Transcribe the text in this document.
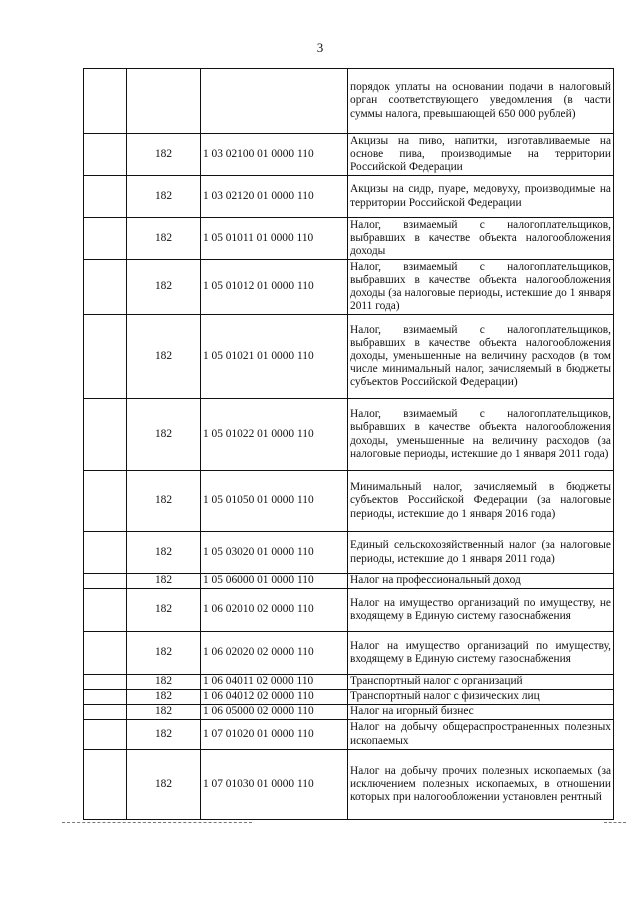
3
			порядок уплаты на основании подачи в налоговый орган соответствующего уведомления (в части суммы налога, превышающей 650 000 рублей)
	182	1 03 02100 01 0000 110	Акцизы на пиво, напитки, изготавливаемые на основе пива, производимые на территории Российской Федерации
	182	1 03 02120 01 0000 110	Акцизы на сидр, пуаре, медовуху, производимые на территории Российской Федерации
	182	1 05 01011 01 0000 110	Налог, взимаемый с налогоплательщиков, выбравших в качестве объекта налогообложения доходы
	182	1 05 01012 01 0000 110	Налог, взимаемый с налогоплательщиков, выбравших в качестве объекта налогообложения доходы (за налоговые периоды, истекшие до 1 января 2011 года)
	182	1 05 01021 01 0000 110	Налог, взимаемый с налогоплательщиков, выбравших в качестве объекта налогообложения доходы, уменьшенные на величину расходов (в том числе минимальный налог, зачисляемый в бюджеты субъектов Российской Федерации)
	182	1 05 01022 01 0000 110	Налог, взимаемый с налогоплательщиков, выбравших в качестве объекта налогообложения доходы, уменьшенные на величину расходов (за налоговые периоды, истекшие до 1 января 2011 года)
	182	1 05 01050 01 0000 110	Минимальный налог, зачисляемый в бюджеты субъектов Российской Федерации (за налоговые периоды, истекшие до 1 января 2016 года)
	182	1 05 03020 01 0000 110	Единый сельскохозяйственный налог (за налоговые периоды, истекшие до 1 января 2011 года)
	182	1 05 06000 01 0000 110	Налог на профессиональный доход
	182	1 06 02010 02 0000 110	Налог на имущество организаций по имуществу, не входящему в Единую систему газоснабжения
	182	1 06 02020 02 0000 110	Налог на имущество организаций по имуществу, входящему в Единую систему газоснабжения
	182	1 06 04011 02 0000 110	Транспортный налог с организаций
	182	1 06 04012 02 0000 110	Транспортный налог с физических лиц
	182	1 06 05000 02 0000 110	Налог на игорный бизнес
	182	1 07 01020 01 0000 110	Налог на добычу общераспространенных полезных ископаемых
	182	1 07 01030 01 0000 110	Налог на добычу прочих полезных ископаемых (за исключением полезных ископаемых, в отношении которых при налогообложении установлен рентный
